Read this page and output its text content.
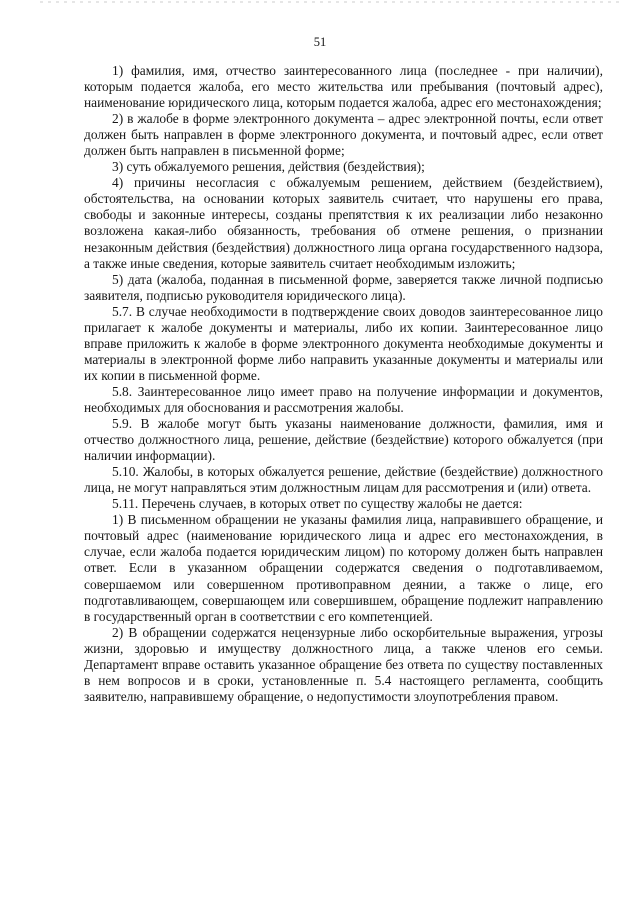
51

1) фамилия, имя, отчество заинтересованного лица (последнее - при наличии), которым подается жалоба, его место жительства или пребывания (почтовый адрес), наименование юридического лица, которым подается жалоба, адрес его местонахождения;

2) в жалобе в форме электронного документа – адрес электронной почты, если ответ должен быть направлен в форме электронного документа, и почтовый адрес, если ответ должен быть направлен в письменной форме;

3) суть обжалуемого решения, действия (бездействия);

4) причины несогласия с обжалуемым решением, действием (бездействием), обстоятельства, на основании которых заявитель считает, что нарушены его права, свободы и законные интересы, созданы препятствия к их реализации либо незаконно возложена какая-либо обязанность, требования об отмене решения, о признании незаконным действия (бездействия) должностного лица органа государственного надзора, а также иные сведения, которые заявитель считает необходимым изложить;

5) дата (жалоба, поданная в письменной форме, заверяется также личной подписью заявителя, подписью руководителя юридического лица).

5.7. В случае необходимости в подтверждение своих доводов заинтересованное лицо прилагает к жалобе документы и материалы, либо их копии. Заинтересованное лицо вправе приложить к жалобе в форме электронного документа необходимые документы и материалы в электронной форме либо направить указанные документы и материалы или их копии в письменной форме.

5.8. Заинтересованное лицо имеет право на получение информации и документов, необходимых для обоснования и рассмотрения жалобы.

5.9. В жалобе могут быть указаны наименование должности, фамилия, имя и отчество должностного лица, решение, действие (бездействие) которого обжалуется (при наличии информации).

5.10. Жалобы, в которых обжалуется решение, действие (бездействие) должностного лица, не могут направляться этим должностным лицам для рассмотрения и (или) ответа.

5.11. Перечень случаев, в которых ответ по существу жалобы не дается:

1) В письменном обращении не указаны фамилия лица, направившего обращение, и почтовый адрес (наименование юридического лица и адрес его местонахождения, в случае, если жалоба подается юридическим лицом) по которому должен быть направлен ответ. Если в указанном обращении содержатся сведения о подготавливаемом, совершаемом или совершенном противоправном деянии, а также о лице, его подготавливающем, совершающем или совершившем, обращение подлежит направлению в государственный орган в соответствии с его компетенцией.

2) В обращении содержатся нецензурные либо оскорбительные выражения, угрозы жизни, здоровью и имуществу должностного лица, а также членов его семьи. Департамент вправе оставить указанное обращение без ответа по существу поставленных в нем вопросов и в сроки, установленные п. 5.4 настоящего регламента, сообщить заявителю, направившему обращение, о недопустимости злоупотребления правом.
